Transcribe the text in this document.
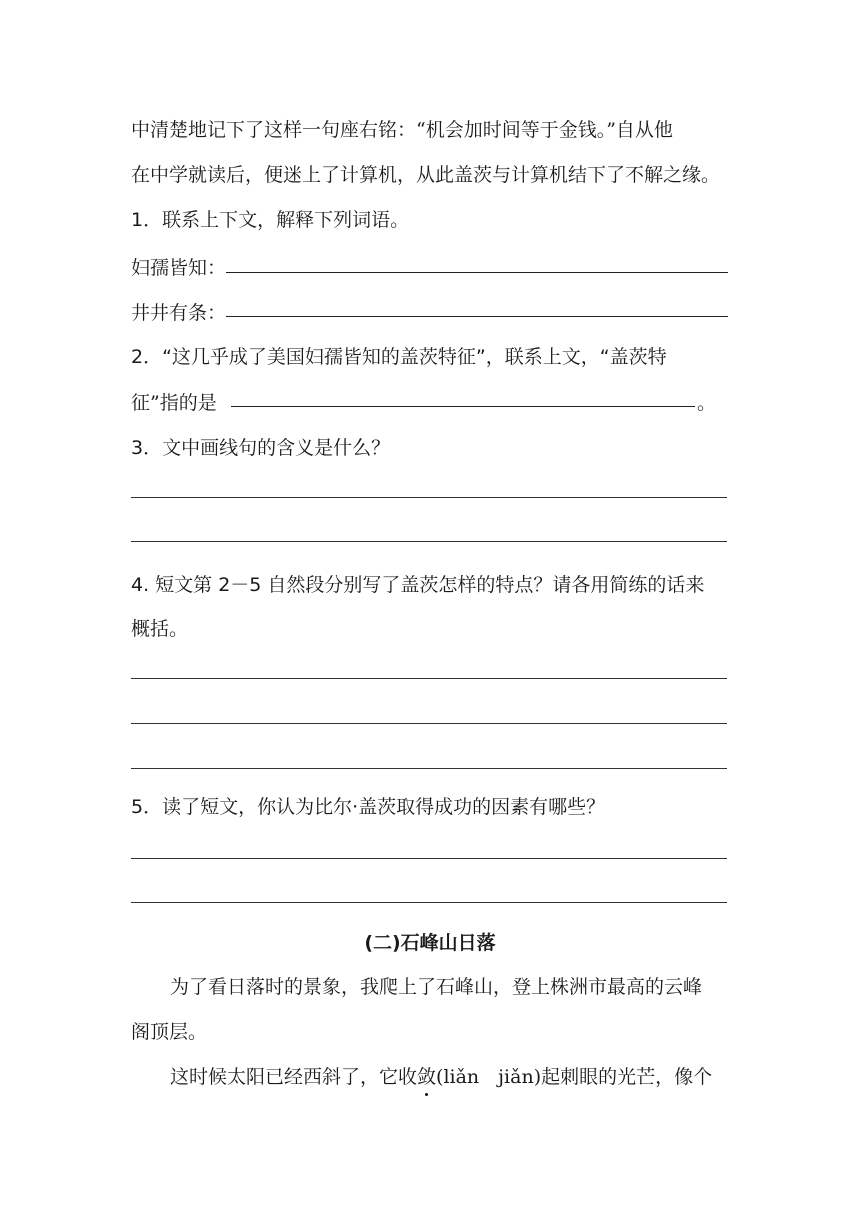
中清楚地记下了这样一句座右铭：“机会加时间等于金钱。”自从他
在中学就读后，便迷上了计算机，从此盖茨与计算机结下了不解之缘。
1．联系上下文，解释下列词语。
妇孺皆知：
井井有条：
2．“这几乎成了美国妇孺皆知的盖茨特征”，联系上文，“盖茨特
征”指的是	。
3．文中画线句的含义是什么？
4. 短文第 2－5 自然段分别写了盖茨怎样的特点？请各用简练的话来
概括。
5．读了短文，你认为比尔·盖茨取得成功的因素有哪些？
(二)石峰山日落
为了看日落时的景象，我爬上了石峰山，登上株洲市最高的云峰
阁顶层。
这时候太阳已经西斜了，它收敛(liǎn　jiǎn)起刺眼的光芒，像个
